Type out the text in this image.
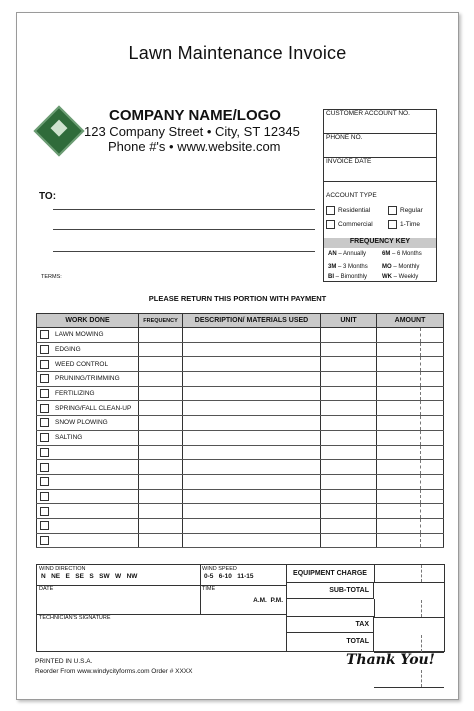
Lawn Maintenance Invoice
COMPANY NAME/LOGO
123 Company Street • City, ST 12345
Phone #'s • www.website.com
CUSTOMER ACCOUNT NO.
PHONE NO.
INVOICE DATE
ACCOUNT TYPE
Residential	Regular
Commercial	1-Time
FREQUENCY KEY
AN – Annually	6M – 6 Months
3M – 3 Months MO – Monthly
BI – Bimonthly WK – Weekly
TO:
TERMS:
PLEASE RETURN THIS PORTION WITH PAYMENT
WORK DONE	FREQUENCY	DESCRIPTION/ MATERIALS USED	UNIT	AMOUNT
LAWN MOWING				
EDGING				
WEED CONTROL				
PRUNING/TRIMMING				
FERTILIZING				
SPRING/FALL CLEAN-UP				
SNOW PLOWING				
SALTING				

WIND DIRECTION
N   NE   E   SE   S   SW   W   NW
WIND SPEED
0-5   6-10   11-15
DATE	TIME
A.M.  P.M.
TECHNICIAN'S SIGNATURE
EQUIPMENT CHARGE
SUB-TOTAL
TAX
TOTAL
PRINTED IN U.S.A.
Reorder From www.windycityforms.com Order # XXXX
Thank You!
